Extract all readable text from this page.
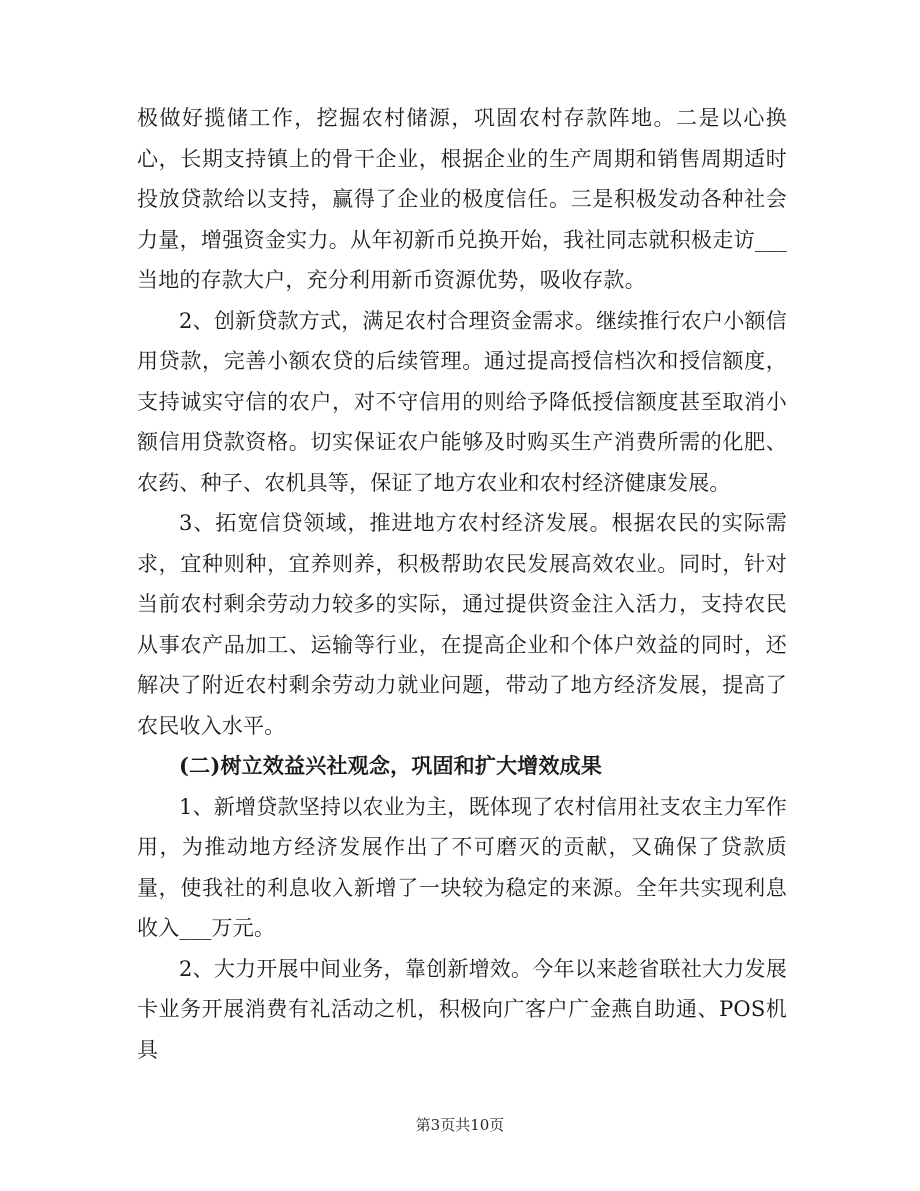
极做好揽储工作，挖掘农村储源，巩固农村存款阵地。二是以心换心，长期支持镇上的骨干企业，根据企业的生产周期和销售周期适时投放贷款给以支持，赢得了企业的极度信任。三是积极发动各种社会力量，增强资金实力。从年初新币兑换开始，我社同志就积极走访___当地的存款大户，充分利用新币资源优势，吸收存款。

2、创新贷款方式，满足农村合理资金需求。继续推行农户小额信用贷款，完善小额农贷的后续管理。通过提高授信档次和授信额度，支持诚实守信的农户，对不守信用的则给予降低授信额度甚至取消小额信用贷款资格。切实保证农户能够及时购买生产消费所需的化肥、农药、种子、农机具等，保证了地方农业和农村经济健康发展。

3、拓宽信贷领域，推进地方农村经济发展。根据农民的实际需求，宜种则种，宜养则养，积极帮助农民发展高效农业。同时，针对当前农村剩余劳动力较多的实际，通过提供资金注入活力，支持农民从事农产品加工、运输等行业，在提高企业和个体户效益的同时，还解决了附近农村剩余劳动力就业问题，带动了地方经济发展，提高了农民收入水平。

(二)树立效益兴社观念，巩固和扩大增效成果

1、新增贷款坚持以农业为主，既体现了农村信用社支农主力军作用，为推动地方经济发展作出了不可磨灭的贡献，又确保了贷款质量，使我社的利息收入新增了一块较为稳定的来源。全年共实现利息收入___万元。

2、大力开展中间业务，靠创新增效。今年以来趁省联社大力发展卡业务开展消费有礼活动之机，积极向广客户广金燕自助通、POS机具

第3页共10页
